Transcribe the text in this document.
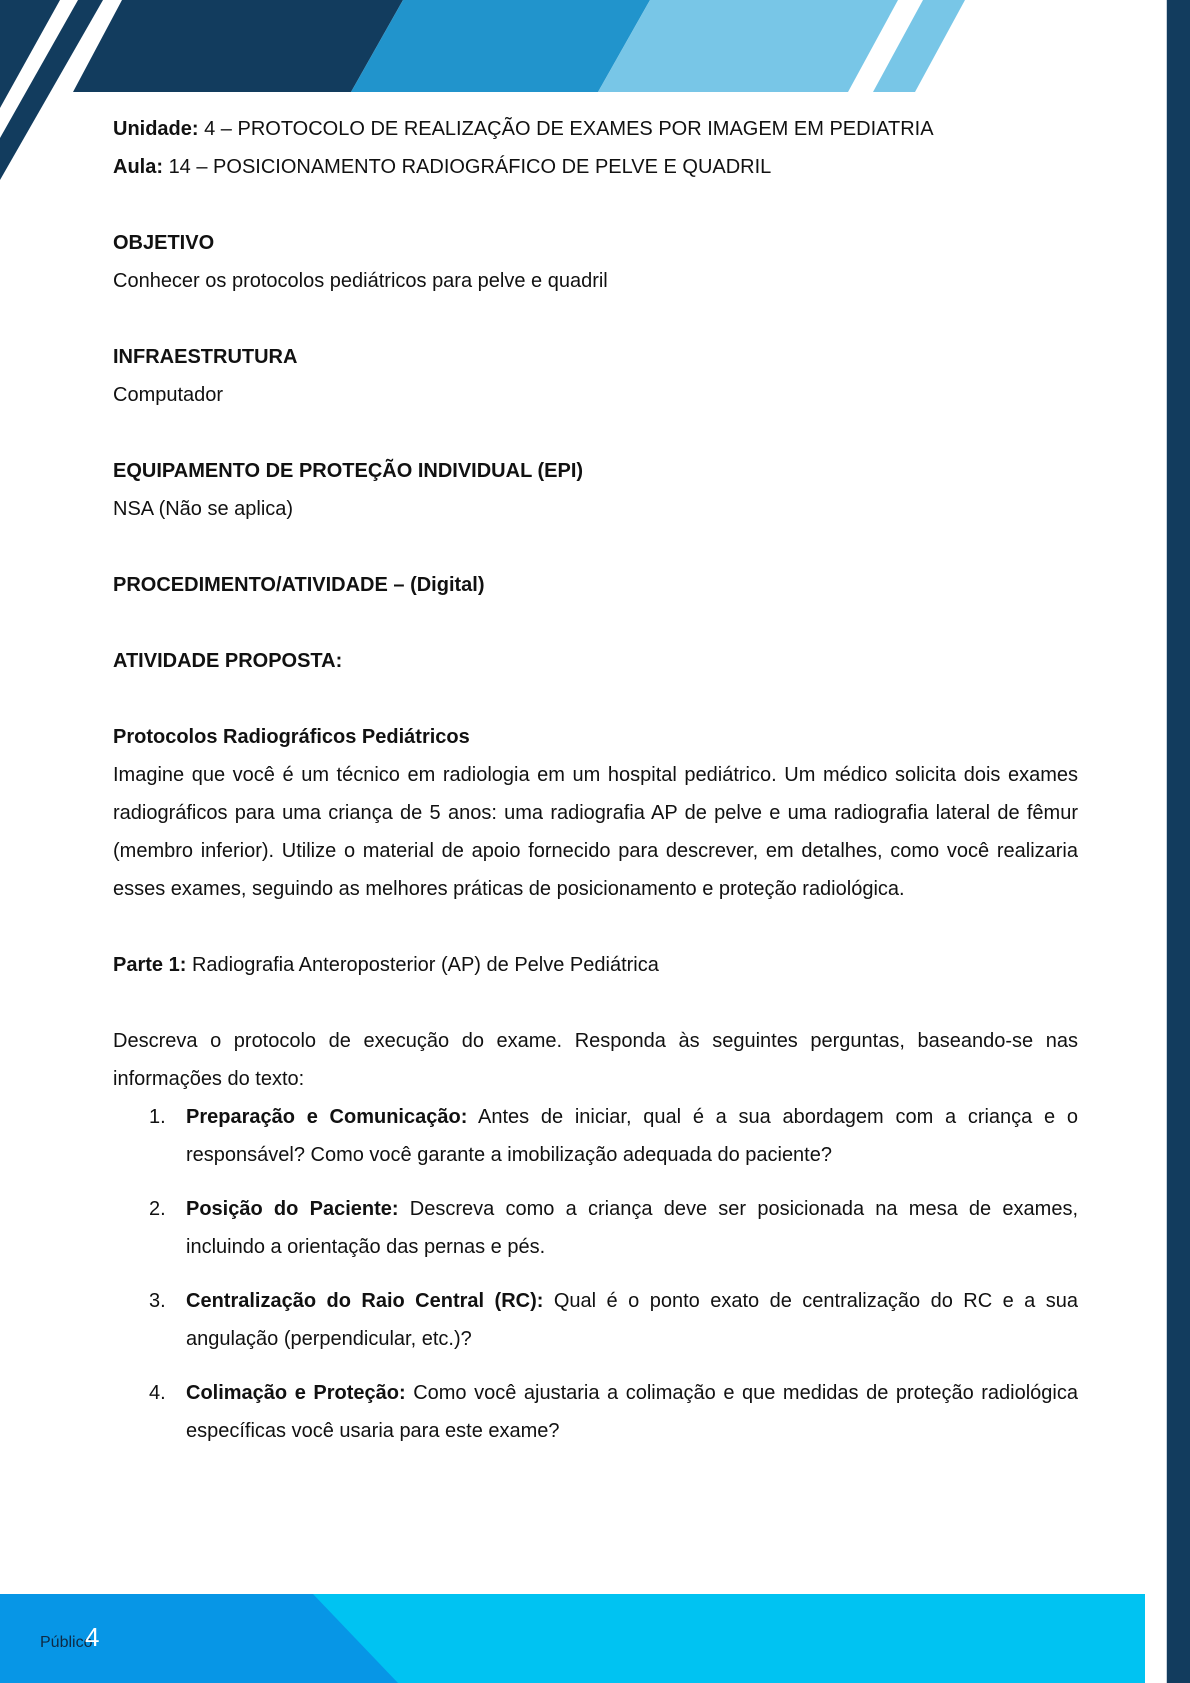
Unidade: 4 – PROTOCOLO DE REALIZAÇÃO DE EXAMES POR IMAGEM EM PEDIATRIA

Aula: 14 – POSICIONAMENTO RADIOGRÁFICO DE PELVE E QUADRIL

OBJETIVO

Conhecer os protocolos pediátricos para pelve e quadril

INFRAESTRUTURA

Computador

EQUIPAMENTO DE PROTEÇÃO INDIVIDUAL (EPI)

NSA (Não se aplica)

PROCEDIMENTO/ATIVIDADE – (Digital)

ATIVIDADE PROPOSTA:

Protocolos Radiográficos Pediátricos

Imagine que você é um técnico em radiologia em um hospital pediátrico. Um médico solicita dois exames radiográficos para uma criança de 5 anos: uma radiografia AP de pelve e uma radiografia lateral de fêmur (membro inferior). Utilize o material de apoio fornecido para descrever, em detalhes, como você realizaria esses exames, seguindo as melhores práticas de posicionamento e proteção radiológica.

Parte 1: Radiografia Anteroposterior (AP) de Pelve Pediátrica

Descreva o protocolo de execução do exame. Responda às seguintes perguntas, baseando-se nas informações do texto:

1. Preparação e Comunicação: Antes de iniciar, qual é a sua abordagem com a criança e o responsável? Como você garante a imobilização adequada do paciente?
2. Posição do Paciente: Descreva como a criança deve ser posicionada na mesa de exames, incluindo a orientação das pernas e pés.
3. Centralização do Raio Central (RC): Qual é o ponto exato de centralização do RC e a sua angulação (perpendicular, etc.)?
4. Colimação e Proteção: Como você ajustaria a colimação e que medidas de proteção radiológica específicas você usaria para este exame?
Público
4
